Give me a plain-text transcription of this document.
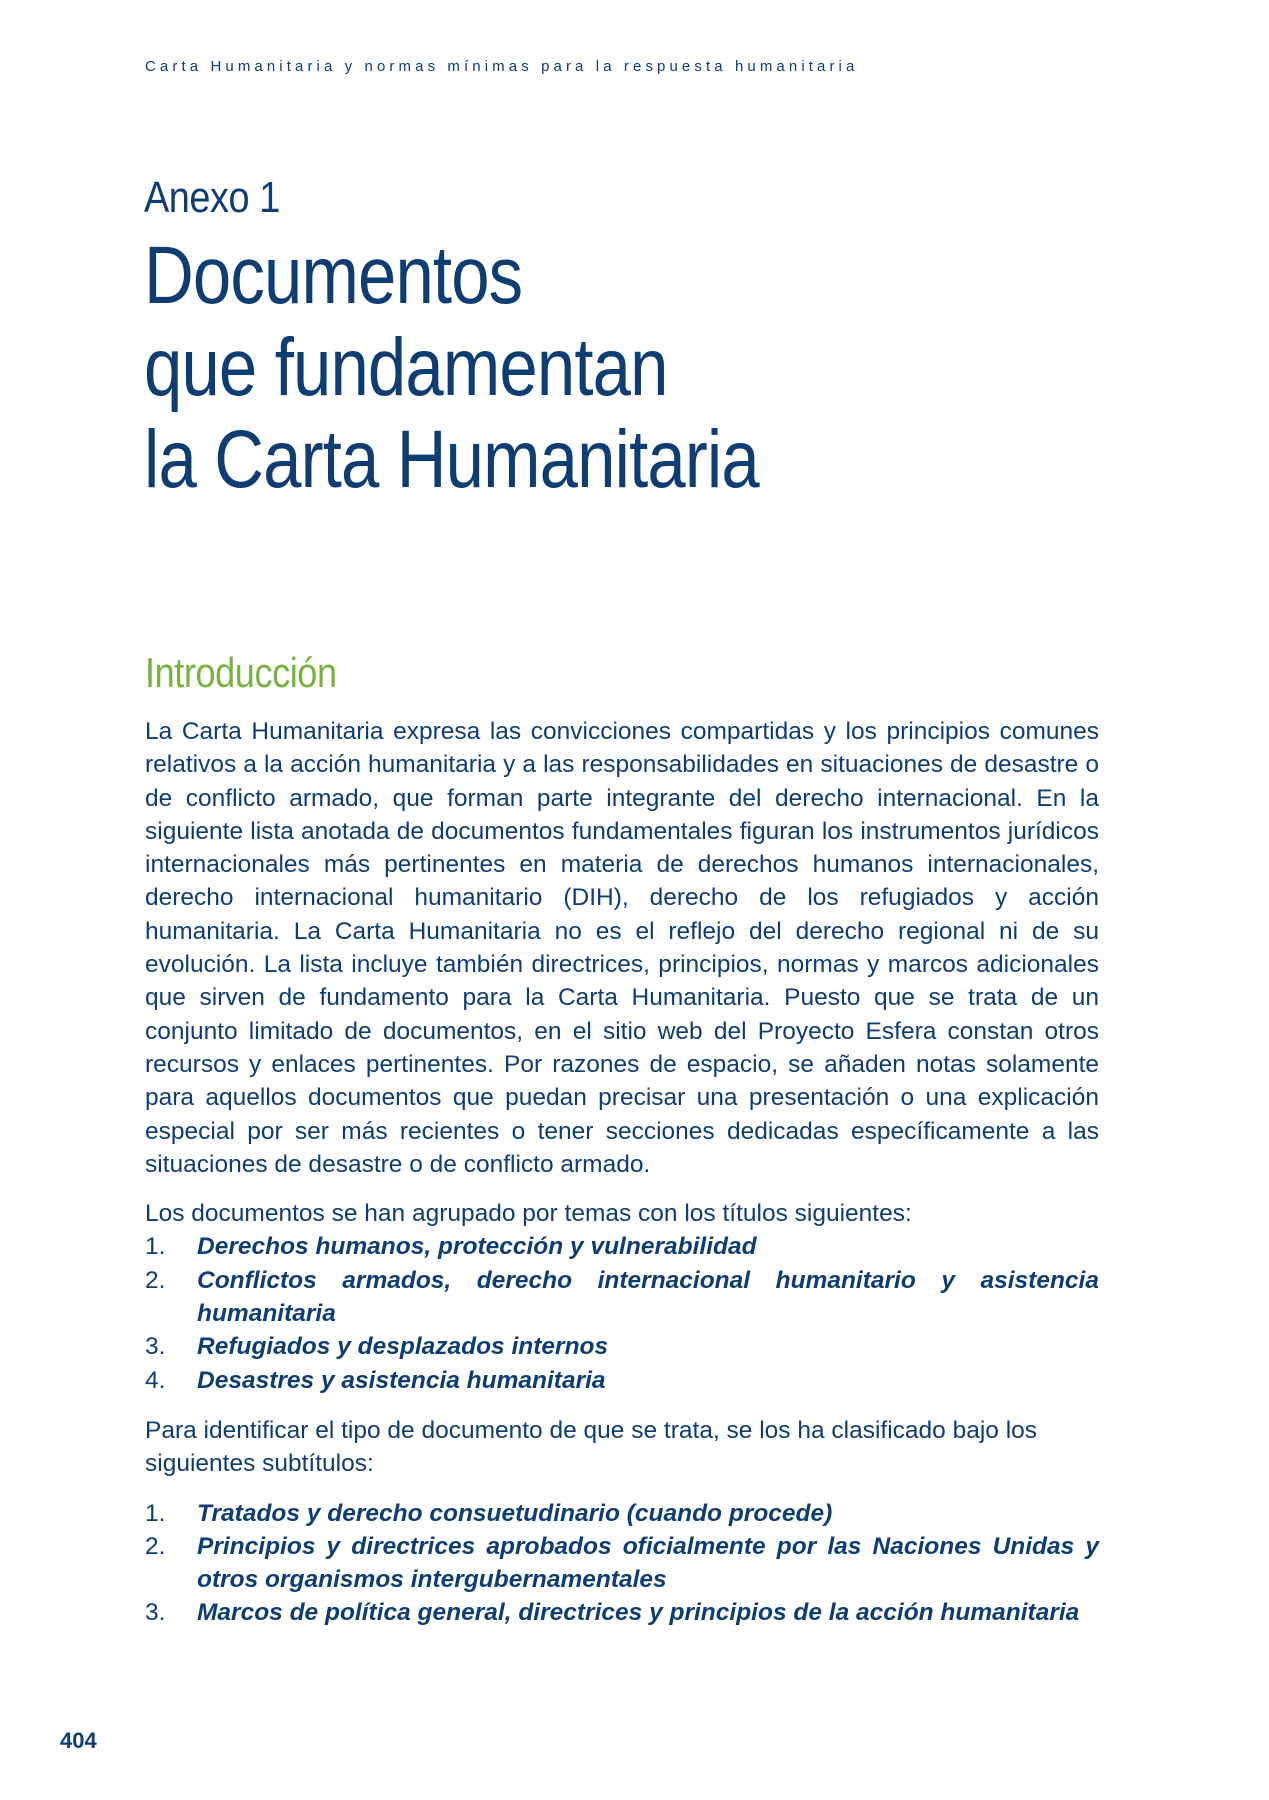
Carta Humanitaria y normas mínimas para la respuesta humanitaria
Anexo 1
Documentos
que fundamentan
la Carta Humanitaria
Introducción

La Carta Humanitaria expresa las convicciones compartidas y los principios comunes relativos a la acción humanitaria y a las responsabilidades en situaciones de desastre o de conflicto armado, que forman parte integrante del derecho internacional. En la siguiente lista anotada de documentos fundamentales figuran los instrumentos jurídicos internacionales más pertinentes en materia de derechos humanos internacionales, derecho internacional humanitario (DIH), derecho de los refugiados y acción humanitaria. La Carta Humanitaria no es el reflejo del derecho regional ni de su evolución. La lista incluye también directrices, principios, normas y marcos adicionales que sirven de fundamento para la Carta Humanitaria. Puesto que se trata de un conjunto limitado de documentos, en el sitio web del Proyecto Esfera constan otros recursos y enlaces pertinentes. Por razones de espacio, se añaden notas solamente para aquellos documentos que puedan precisar una presentación o una explicación especial por ser más recientes o tener secciones dedicadas específicamente a las situaciones de desastre o de conflicto armado.

Los documentos se han agrupado por temas con los títulos siguientes:

1. Derechos humanos, protección y vulnerabilidad
2. Conflictos armados, derecho internacional humanitario y asistencia humanitaria
3. Refugiados y desplazados internos
4. Desastres y asistencia humanitaria

Para identificar el tipo de documento de que se trata, se los ha clasificado bajo los siguientes subtítulos:

1. Tratados y derecho consuetudinario (cuando procede)
2. Principios y directrices aprobados oficialmente por las Naciones Unidas y otros organismos intergubernamentales
3. Marcos de política general, directrices y principios de la acción humanitaria
404
